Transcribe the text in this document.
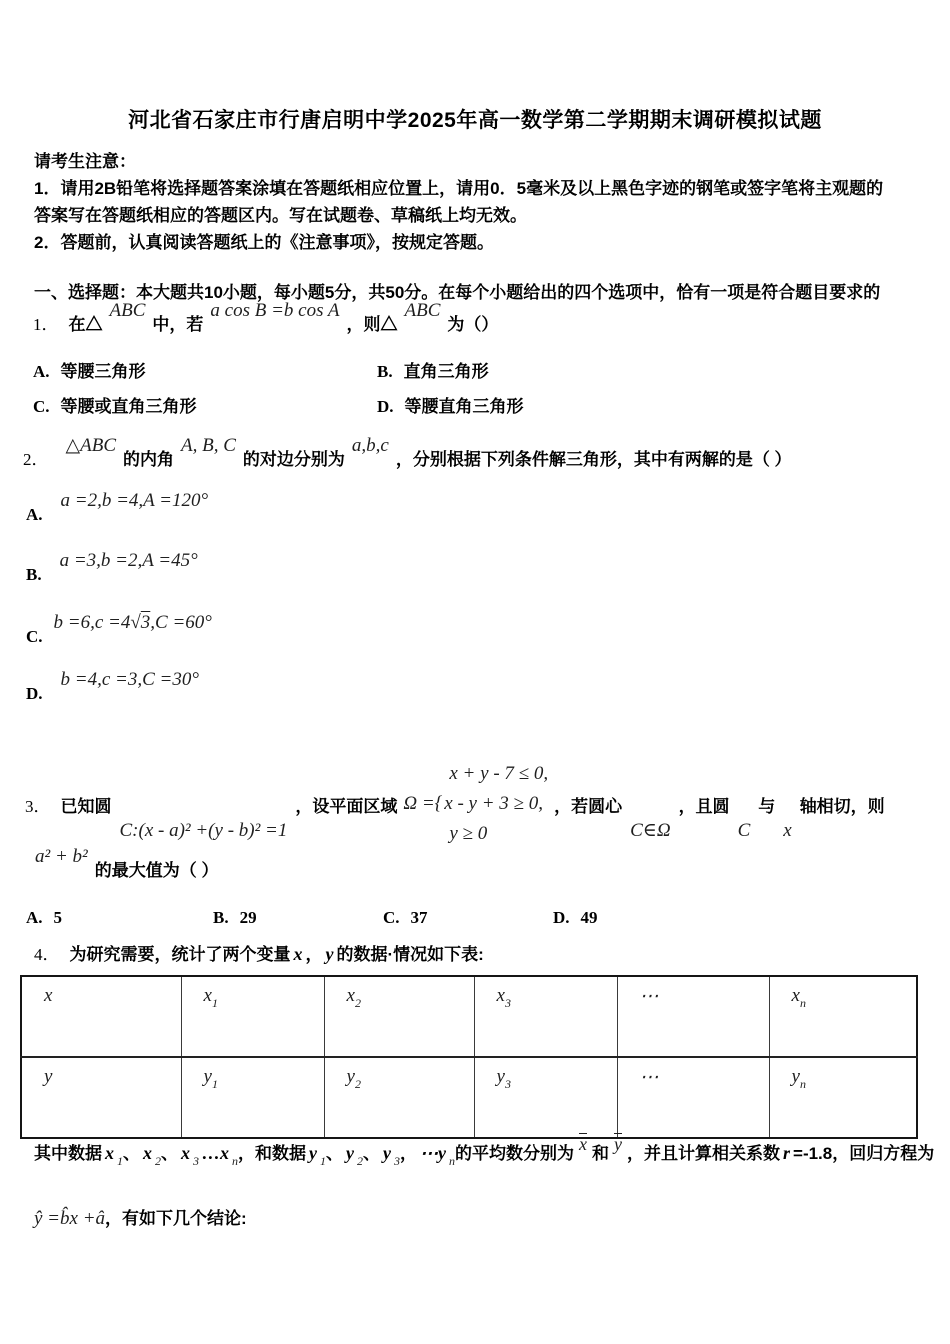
河北省石家庄市行唐启明中学2025年高一数学第二学期期末调研模拟试题
请考生注意：
1．请用2B铅笔将选择题答案涂填在答题纸相应位置上，请用0．5毫米及以上黑色字迹的钢笔或签字笔将主观题的
答案写在答题纸相应的答题区内。写在试题卷、草稿纸上均无效。
2．答题前，认真阅读答题纸上的《注意事项》，按规定答题。
一、选择题：本大题共10小题，每小题5分，共50分。在每个小题给出的四个选项中，恰有一项是符合题目要求的
1． 在△ABC中，若a cos B =b cos A，则△ABC为（）
A. 等腰三角形	B. 直角三角形
C. 等腰或直角三角形	D. 等腰直角三角形
2．△ABC的内角A, B, C的对边分别为a,b,c，分别根据下列条件解三角形，其中有两解的是（ ）
A.a =2,b =4,A =120°
B.a =3,b =2,A =45°
C.b =6,c =4√3,C =60°
D.b =4,c =3,C =30°
3． 已知圆C:(x - a)² +(y - b)² =1，设平面区域
x + y - 7 ≤ 0,
Ω ={ x - y + 3 ≥ 0,
y ≥ 0
，若圆心C∈Ω，且圆C与x轴相切，则
a² + b²的最大值为（ ）
A. 5	B. 29	C. 37	D. 49
4． 为研究需要，统计了两个变量 x ， y 的数据·情况如下表:
x	$x_1$	$x_2$	$x_3$	⋯	$x_n$
y	$y_1$	$y_2$	$y_3$	⋯	$y_n$
其中数据 x $_1$、 x $_2$、 x $_3$ …x $_n$，和数据 y $_1$、 y $_2$、 y $_3$， ⋯y $_n$的平均数分别为 $\overline{x}$ 和 $\overline{y}$ ，并且计算相关系数 r =-1.8，回归方程为
ŷ =b̂x +â，有如下几个结论:
